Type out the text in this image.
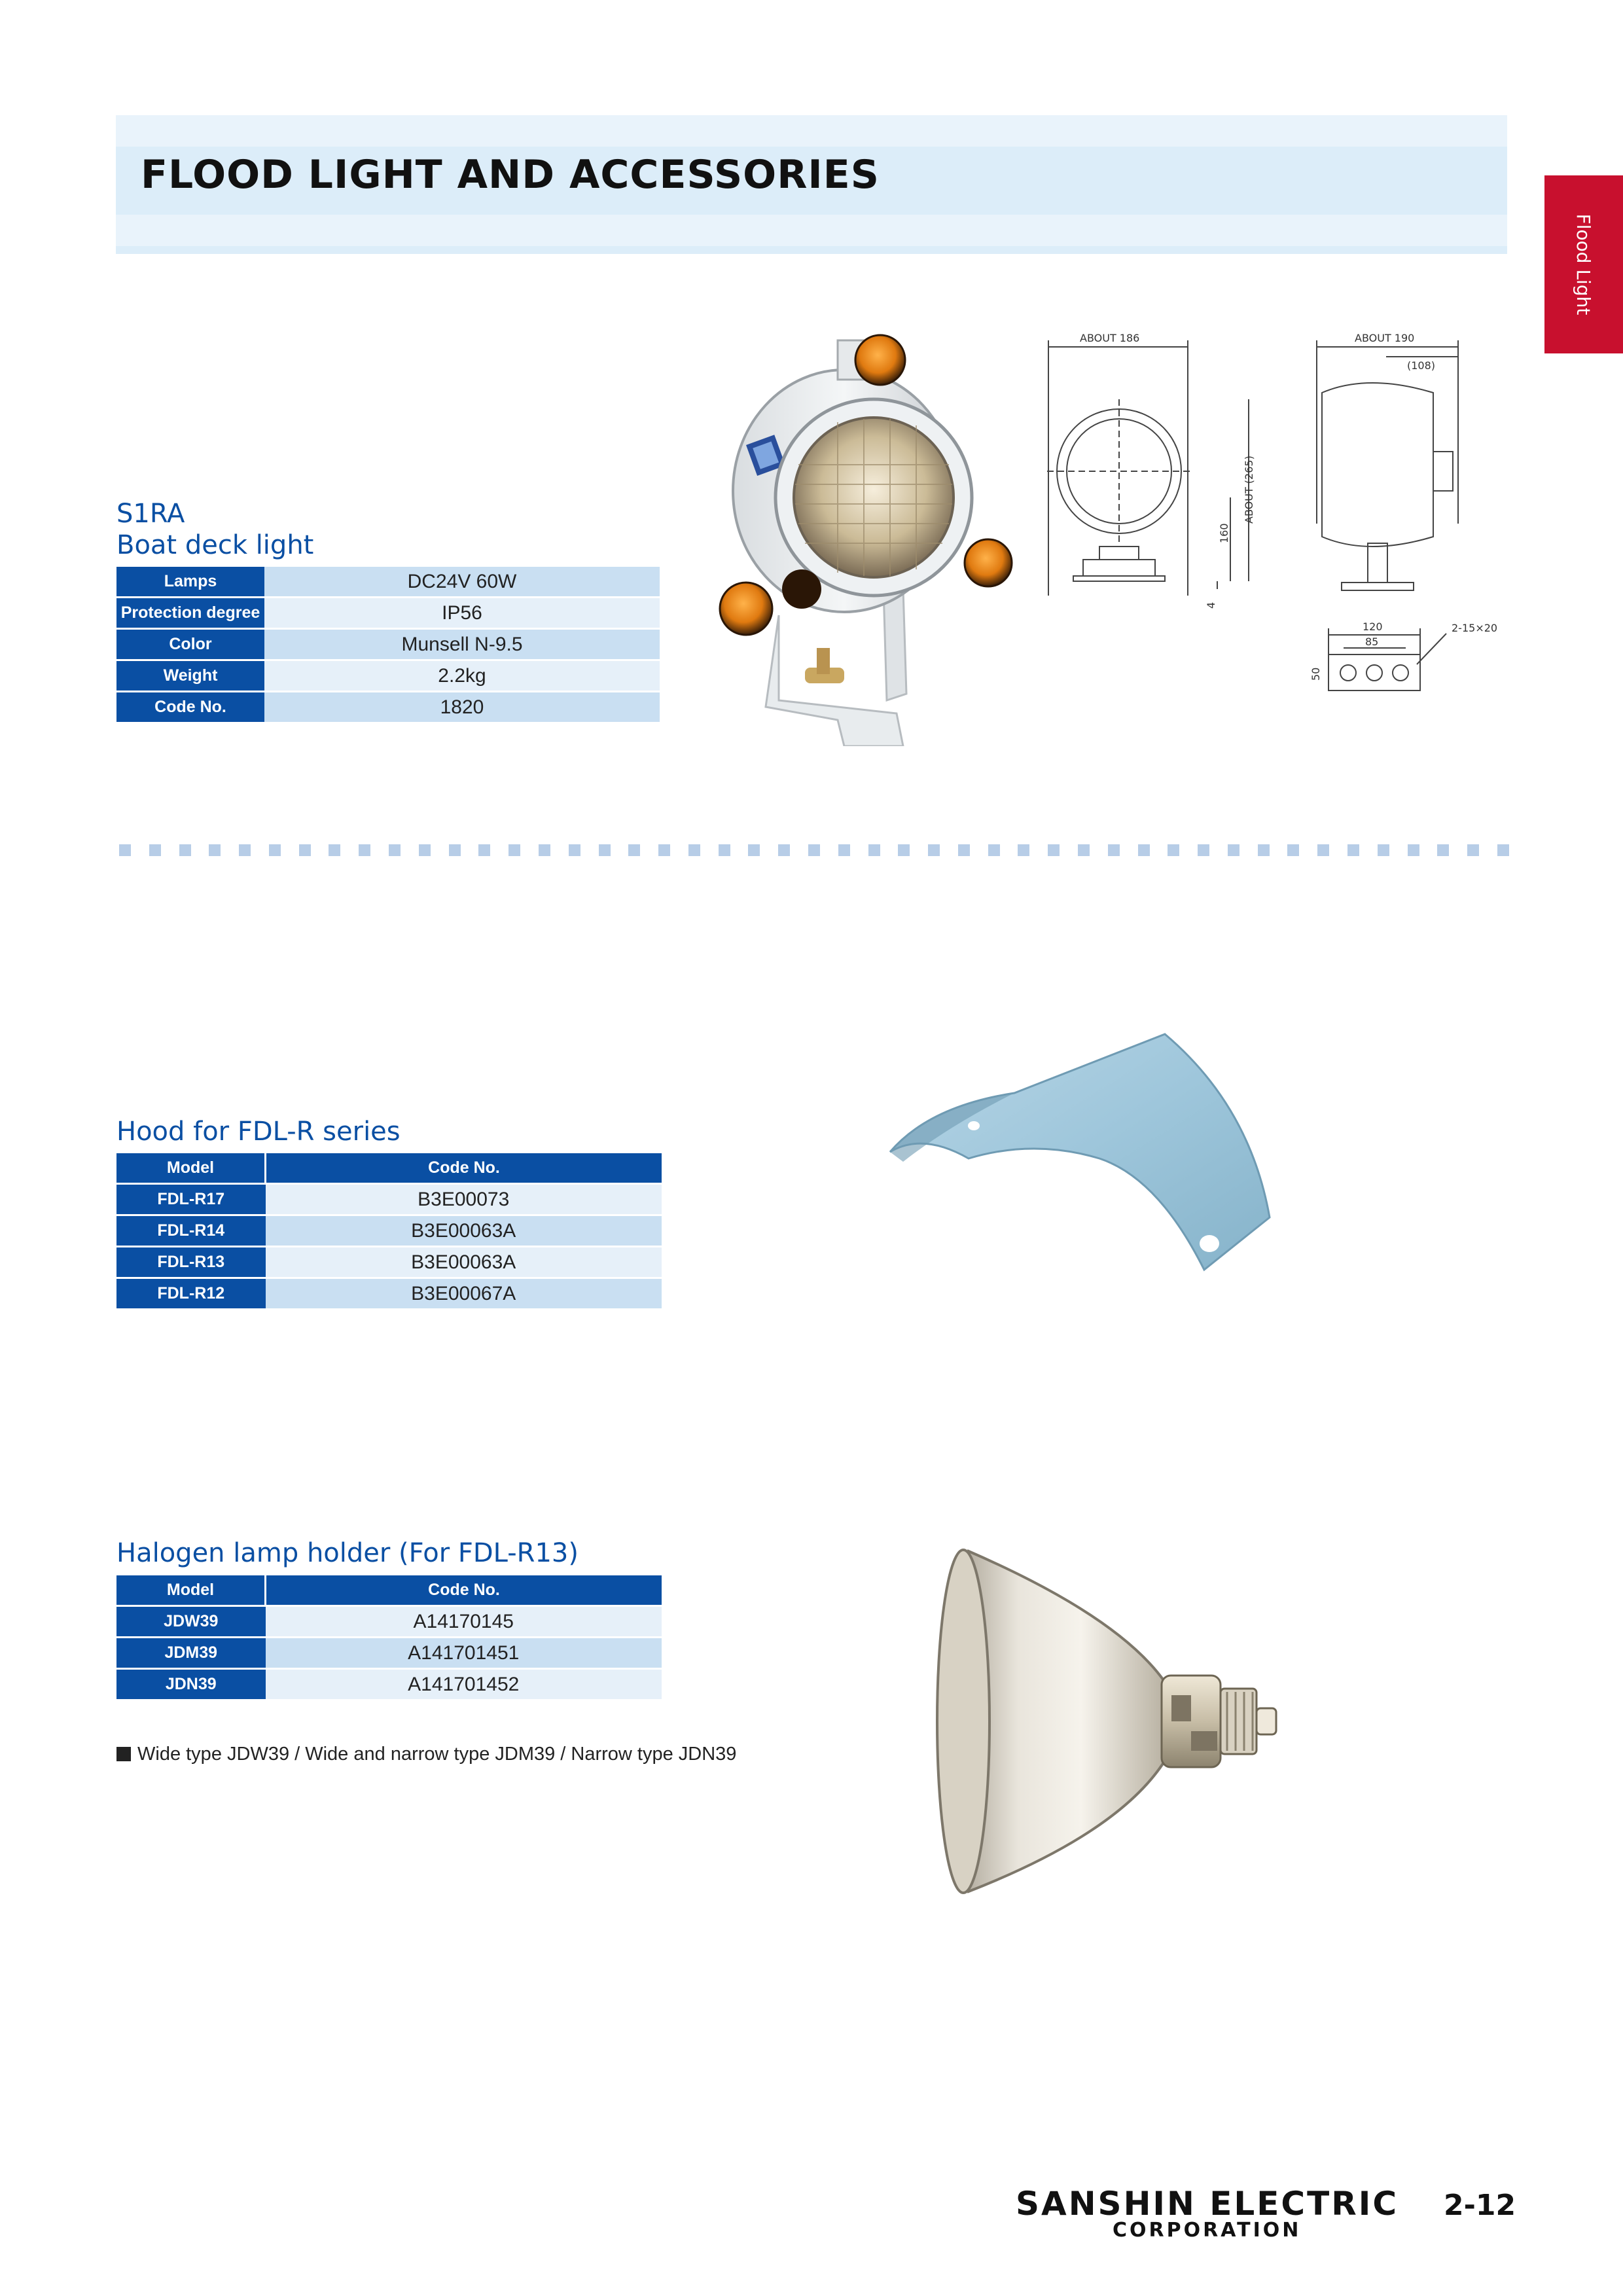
FLOOD LIGHT AND ACCESSORIES
Flood Light
S1RA
Boat deck light
Lamps	DC24V 60W
Protection degree	IP56
Color	Munsell N-9.5
Weight	2.2kg
Code No.	1820
ABOUT 186	ABOUT 190
(108)
120
85
2-15×20
ABOUT (265)
160
4
50
Hood for FDL-R series
Model	Code No.
FDL-R17	B3E00073
FDL-R14	B3E00063A
FDL-R13	B3E00063A
FDL-R12	B3E00067A
Halogen lamp holder (For FDL-R13)
Model	Code No.
JDW39	A14170145
JDM39	A141701451
JDN39	A141701452
Wide type JDW39 / Wide and narrow type JDM39 / Narrow type JDN39
SANSHIN ELECTRIC
CORPORATION
2-12
